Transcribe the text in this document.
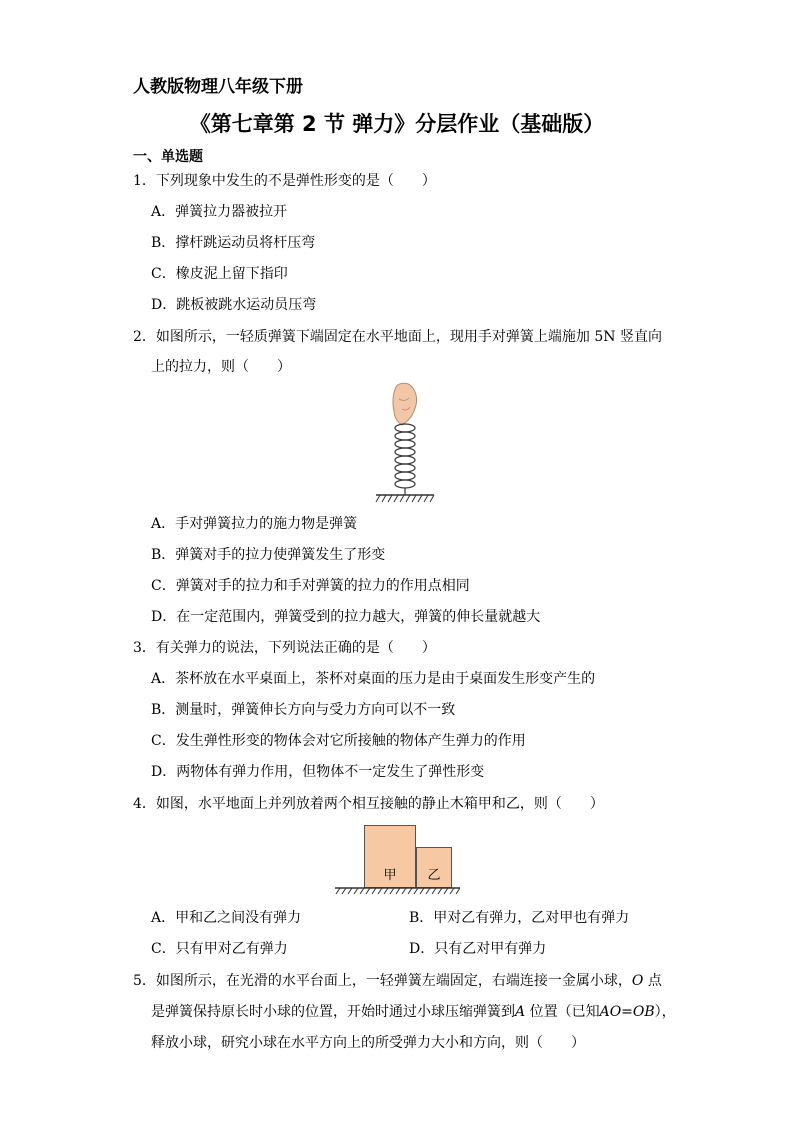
人教版物理八年级下册
《第七章第 2 节 弹力》分层作业（基础版）
一、单选题
1．下列现象中发生的不是弹性形变的是（　　）
A．弹簧拉力器被拉开
B．撑杆跳运动员将杆压弯
C．橡皮泥上留下指印
D．跳板被跳水运动员压弯
2．如图所示，一轻质弹簧下端固定在水平地面上，现用手对弹簧上端施加 5N 竖直向
上的拉力，则（　　）
A．手对弹簧拉力的施力物是弹簧
B．弹簧对手的拉力使弹簧发生了形变
C．弹簧对手的拉力和手对弹簧的拉力的作用点相同
D．在一定范围内，弹簧受到的拉力越大，弹簧的伸长量就越大
3．有关弹力的说法，下列说法正确的是（　　）
A．茶杯放在水平桌面上，茶杯对桌面的压力是由于桌面发生形变产生的
B．测量时，弹簧伸长方向与受力方向可以不一致
C．发生弹性形变的物体会对它所接触的物体产生弹力的作用
D．两物体有弹力作用，但物体不一定发生了弹性形变
4．如图，水平地面上并列放着两个相互接触的静止木箱甲和乙，则（　　）
甲	乙
A．甲和乙之间没有弹力	B．甲对乙有弹力，乙对甲也有弹力
C．只有甲对乙有弹力	D．只有乙对甲有弹力
5．如图所示，在光滑的水平台面上，一轻弹簧左端固定，右端连接一金属小球，O 点
是弹簧保持原长时小球的位置，开始时通过小球压缩弹簧到A 位置（已知AO=OB），
释放小球，研究小球在水平方向上的所受弹力大小和方向，则（　　）
